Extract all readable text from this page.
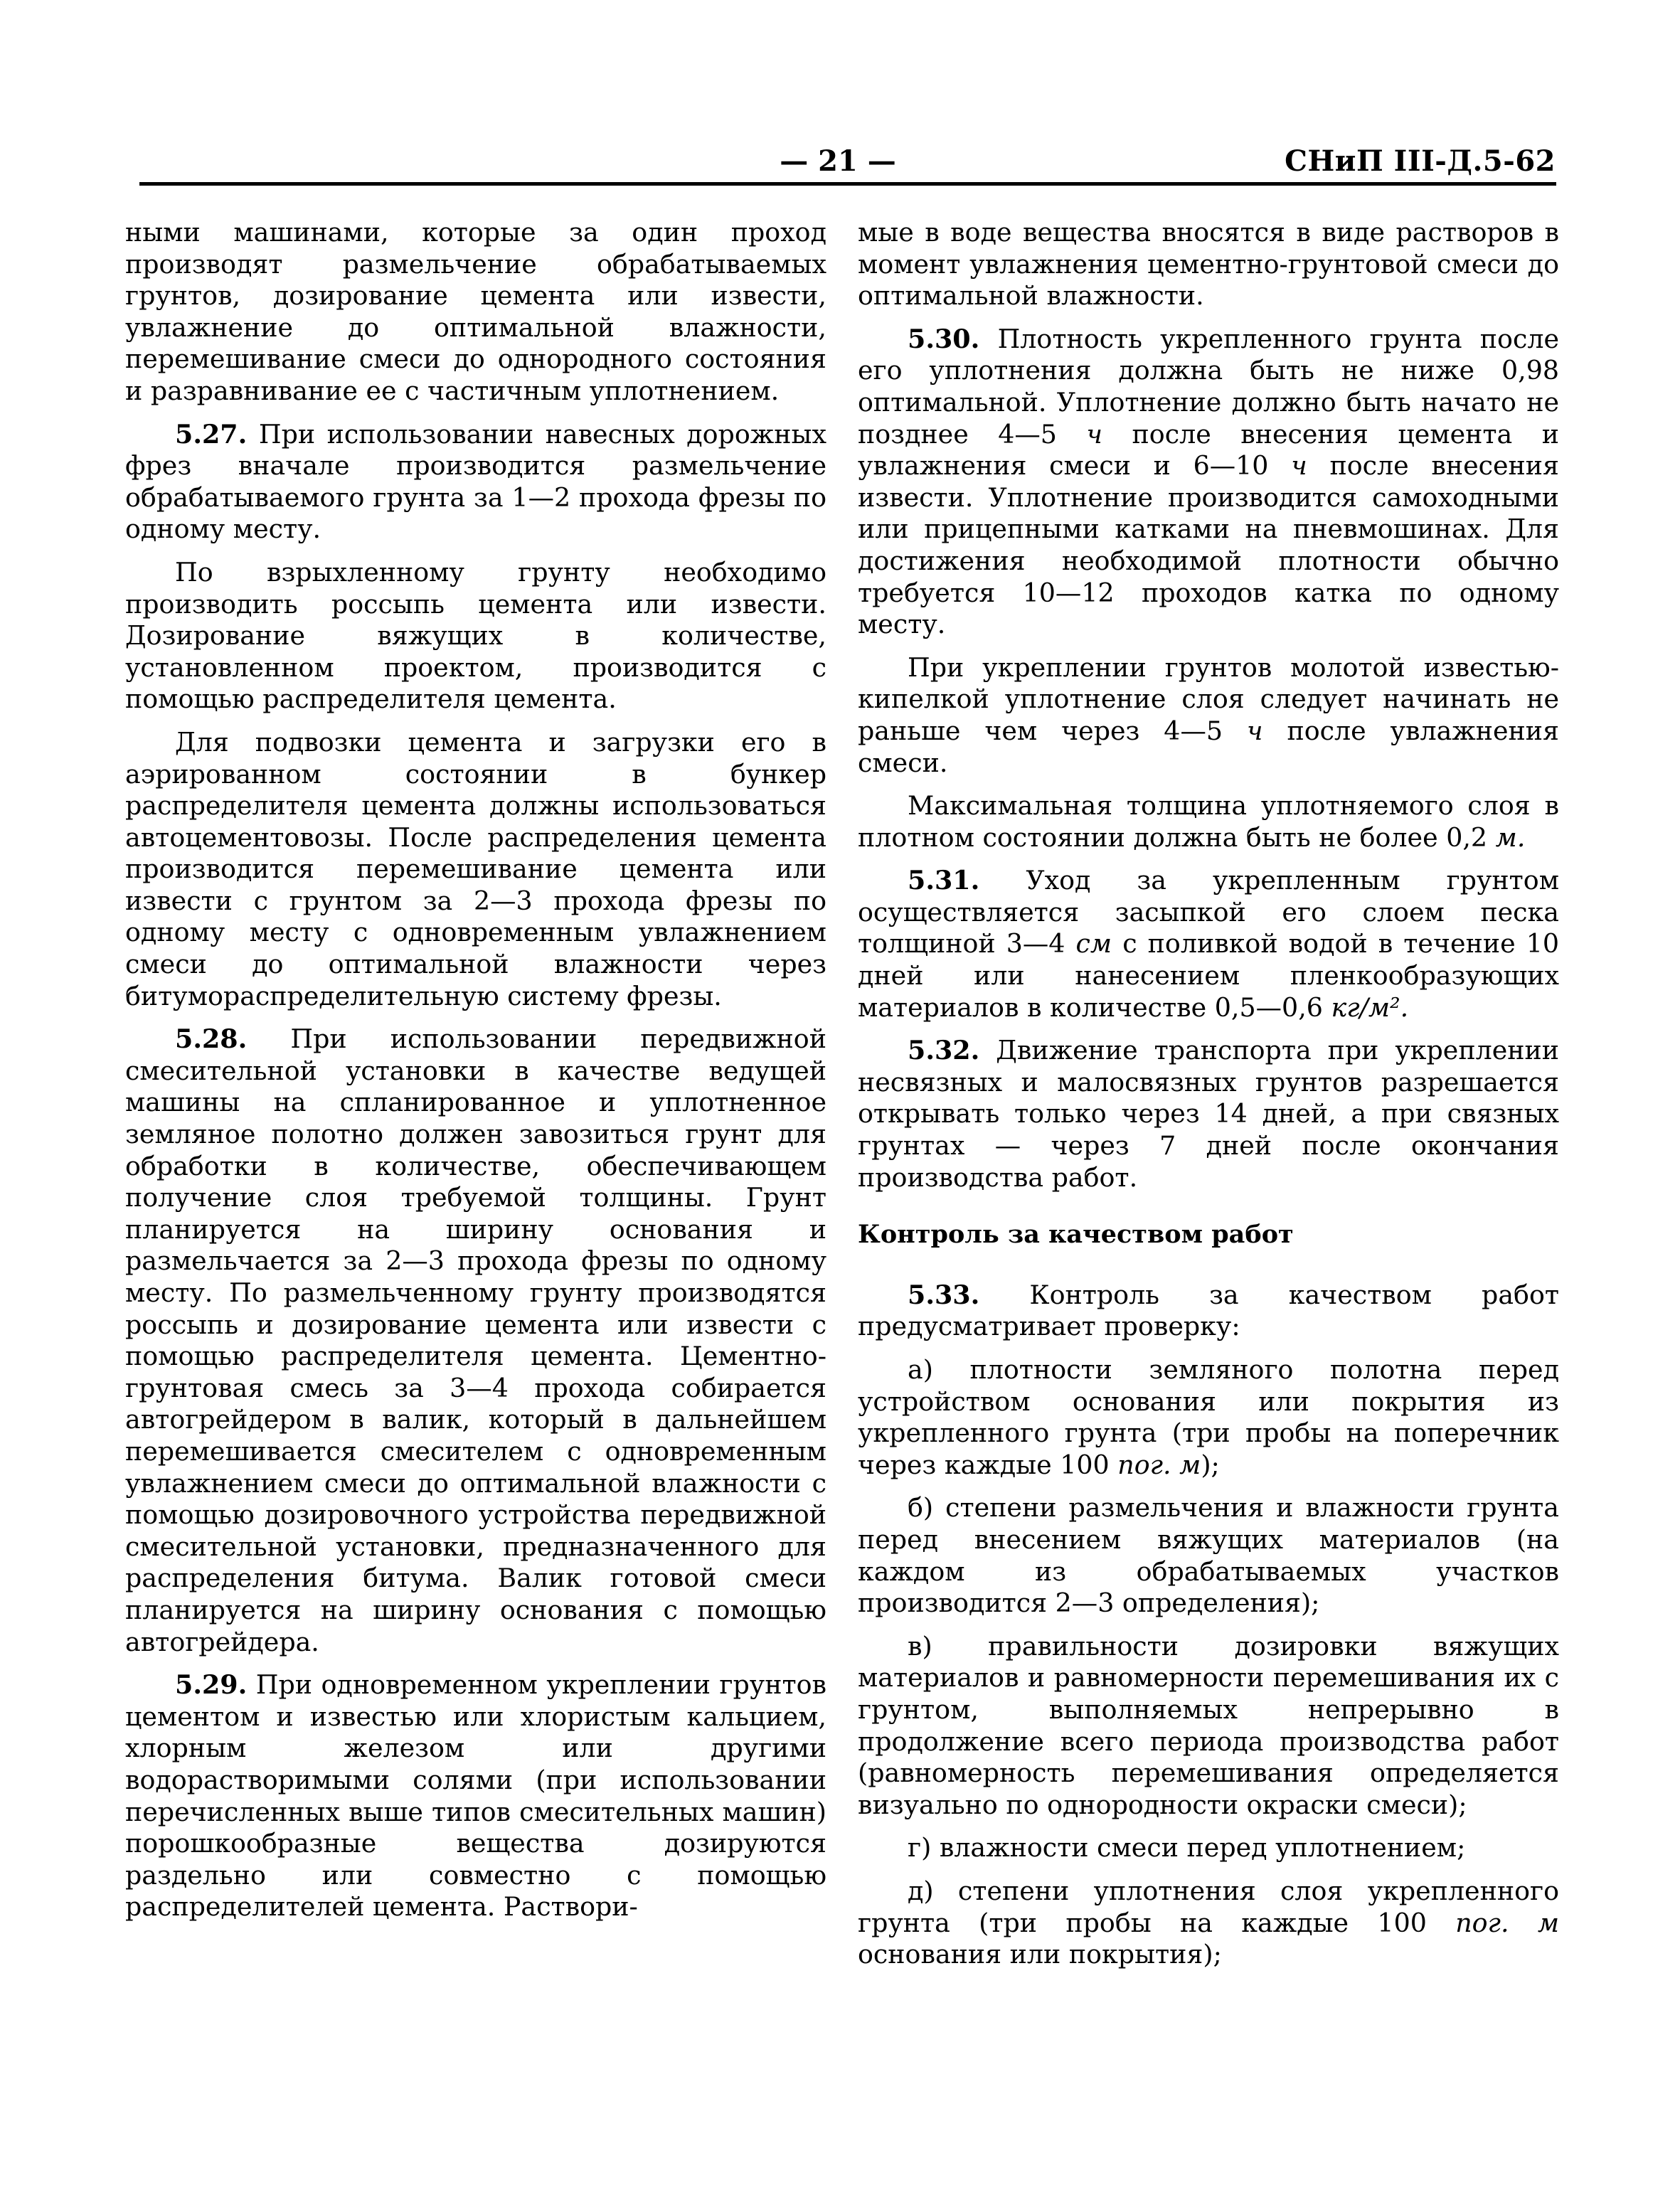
— 21 —	СНиП III-Д.5-62

ными машинами, которые за один проход производят размельчение обрабатываемых грунтов, дозирование цемента или извести, увлажнение до оптимальной влажности, перемешивание смеси до однородного состояния и разравнивание ее с частичным уплотнением.

5.27. При использовании навесных дорожных фрез вначале производится размельчение обрабатываемого грунта за 1—2 прохода фрезы по одному месту.

По взрыхленному грунту необходимо производить россыпь цемента или извести. Дозирование вяжущих в количестве, установленном проектом, производится с помощью распределителя цемента.

Для подвозки цемента и загрузки его в аэрированном состоянии в бункер распределителя цемента должны использоваться автоцементовозы. После распределения цемента производится перемешивание цемента или извести с грунтом за 2—3 прохода фрезы по одному месту с одновременным увлажнением смеси до оптимальной влажности через битумораспределительную систему фрезы.

5.28. При использовании передвижной смесительной установки в качестве ведущей машины на спланированное и уплотненное земляное полотно должен завозиться грунт для обработки в количестве, обеспечивающем получение слоя требуемой толщины. Грунт планируется на ширину основания и размельчается за 2—3 прохода фрезы по одному месту. По размельченному грунту производятся россыпь и дозирование цемента или извести с помощью распределителя цемента. Цементно-грунтовая смесь за 3—4 прохода собирается автогрейдером в валик, который в дальнейшем перемешивается смесителем с одновременным увлажнением смеси до оптимальной влажности с помощью дозировочного устройства передвижной смесительной установки, предназначенного для распределения битума. Валик готовой смеси планируется на ширину основания с помощью автогрейдера.

5.29. При одновременном укреплении грунтов цементом и известью или хлористым кальцием, хлорным железом или другими водорастворимыми солями (при использовании перечисленных выше типов смесительных машин) порошкообразные вещества дозируются раздельно или совместно с помощью распределителей цемента. Раствори-

мые в воде вещества вносятся в виде растворов в момент увлажнения цементно-грунтовой смеси до оптимальной влажности.

5.30. Плотность укрепленного грунта после его уплотнения должна быть не ниже 0,98 оптимальной. Уплотнение должно быть начато не позднее 4—5 ч после внесения цемента и увлажнения смеси и 6—10 ч после внесения извести. Уплотнение производится самоходными или прицепными катками на пневмошинах. Для достижения необходимой плотности обычно требуется 10—12 проходов катка по одному месту.

При укреплении грунтов молотой известью-кипелкой уплотнение слоя следует начинать не раньше чем через 4—5 ч после увлажнения смеси.

Максимальная толщина уплотняемого слоя в плотном состоянии должна быть не более 0,2 м.

5.31. Уход за укрепленным грунтом осуществляется засыпкой его слоем песка толщиной 3—4 см с поливкой водой в течение 10 дней или нанесением пленкообразующих материалов в количестве 0,5—0,6 кг/м².

5.32. Движение транспорта при укреплении несвязных и малосвязных грунтов разрешается открывать только через 14 дней, а при связных грунтах — через 7 дней после окончания производства работ.

Контроль за качеством работ

5.33. Контроль за качеством работ предусматривает проверку:

а) плотности земляного полотна перед устройством основания или покрытия из укрепленного грунта (три пробы на поперечник через каждые 100 пог. м);

б) степени размельчения и влажности грунта перед внесением вяжущих материалов (на каждом из обрабатываемых участков производится 2—3 определения);

в) правильности дозировки вяжущих материалов и равномерности перемешивания их с грунтом, выполняемых непрерывно в продолжение всего периода производства работ (равномерность перемешивания определяется визуально по однородности окраски смеси);

г) влажности смеси перед уплотнением;

д) степени уплотнения слоя укрепленного грунта (три пробы на каждые 100 пог. м основания или покрытия);
